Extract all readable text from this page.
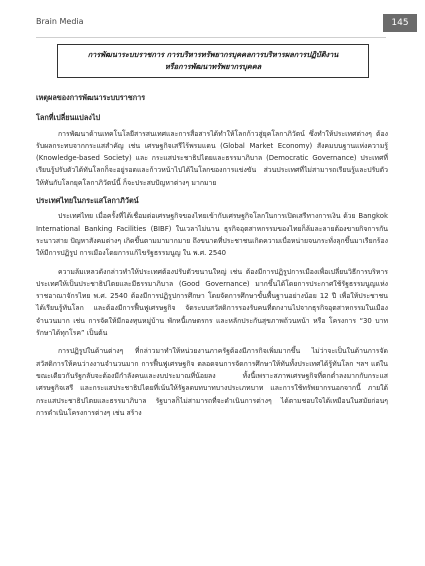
Brain Media	145
การพัฒนาระบบราชการ การบริหารทรัพยากรบุคคลการบริหารผลการปฏิบัติงาน
หรือการพัฒนาทรัพยากรบุคคล
เหตุผลของการพัฒนาระบบราชการ
โลกที่เปลี่ยนแปลงไป

การพัฒนาด้านเทคโนโลยีสารสนเทศและการสื่อสารได้ทำให้โลกก้าวสู่ยุคโลกาภิวัตน์ ซึ่งทำให้ประเทศต่างๆ ต้องรับผลกระทบจากกระแสสำคัญ เช่น เศรษฐกิจเสรีไร้พรมแดน (Global Market Economy) สังคมบนฐานแห่งความรู้ (Knowledge-based Society) และ กระแสประชาธิปไตยและธรรมาภิบาล (Democratic Governance) ประเทศที่เรียนรู้ปรับตัวได้ทันโลกก็จะอยู่รอดและก้าวหน้าไปได้ในโลกของการแข่งขัน ส่วนประเทศที่ไม่สามารถเรียนรู้และปรับตัวให้ทันกับโลกยุคโลกาภิวัตน์นี้ ก็จะประสบปัญหาต่างๆ มากมาย

ประเทศไทยในกระแสโลกาภิวัตน์

ประเทศไทย เมื่อครั้งที่ได้เชื่อมต่อเศรษฐกิจของไทยเข้ากับเศรษฐกิจโลกในการเปิดเสรีทางการเงิน ด้วย Bangkok International Banking Facilities (BIBF) ในเวลาไม่นาน ธุรกิจอุตสาหกรรมของไทยก็ล้มละลายต้องขายกิจการกันระนาวสาย ปัญหาสังคมต่างๆ เกิดขึ้นตามมามากมาย ถึงขนาดที่ประชาชนเกิดความเบื่อหน่ายจนกระทั่งลุกขึ้นมาเรียกร้องให้มีการปฏิรูป การเมืองโดยการแก้ไขรัฐธรรมนูญ ใน พ.ศ. 2540

ความล้มเหลวดังกล่าวทำให้ประเทศต้องปรับตัวขนานใหญ่ เช่น ต้องมีการปฏิรูปการเมืองเพื่อเปลี่ยนวิธีการบริหารประเทศให้เป็นประชาธิปไตยและมีธรรมาภิบาล (Good Governance) มากขึ้นได้โดยการประกาศใช้รัฐธรรมนูญแห่งราชอาณาจักรไทย พ.ศ. 2540 ต้องมีการปฏิรูปการศึกษา โดยจัดการศึกษาขั้นพื้นฐานอย่างน้อย 12 ปี เพื่อให้ประชาชนได้เรียนรู้ทันโลก และต้องมีการฟื้นฟูเศรษฐกิจ จัดระบบสวัสดิการรองรับคนที่ตกงานไปจากธุรกิจอุตสาหกรรมในเมืองจำนวนมาก เช่น การจัดให้มีกองทุนหมู่บ้าน พักหนี้เกษตรกร และหลักประกันสุขภาพถ้วนหน้า หรือ โครงการ “30 บาทรักษาได้ทุกโรค” เป็นต้น

การปฏิรูปในด้านต่างๆ ที่กล่าวมาทำให้หน่วยงานภาครัฐต้องมีภารกิจเพิ่มมากขึ้น ไม่ว่าจะเป็นในด้านการจัดสวัสดิการให้คนว่างงานจำนวนมาก การฟื้นฟูเศรษฐกิจ ตลอดจนการจัดการศึกษาให้ทันทั้งประเทศได้รู้ทันโลก ฯลฯ แต่ในขณะเดียวกันรัฐกลับจะต้องมีกำลังคนและงบประมาณที่น้อยลง ทั้งนี้เพราะสภาพเศรษฐกิจที่ตกต่ำลงมากกับกระแสเศรษฐกิจเสรี และกระแสประชาธิปไตยที่เน้นให้รัฐลดบทบาทบางประเภทบาท และการใช้ทรัพยากรนอกจากนี้ ภายใต้กระแสประชาธิปไตยและธรรมาภิบาล รัฐบาลก็ไม่สามารถที่จะดำเนินการต่างๆ ได้ตามชอบใจได้เหมือนในสมัยก่อนๆ การดำเนินโครงการต่างๆ เช่น สร้าง
